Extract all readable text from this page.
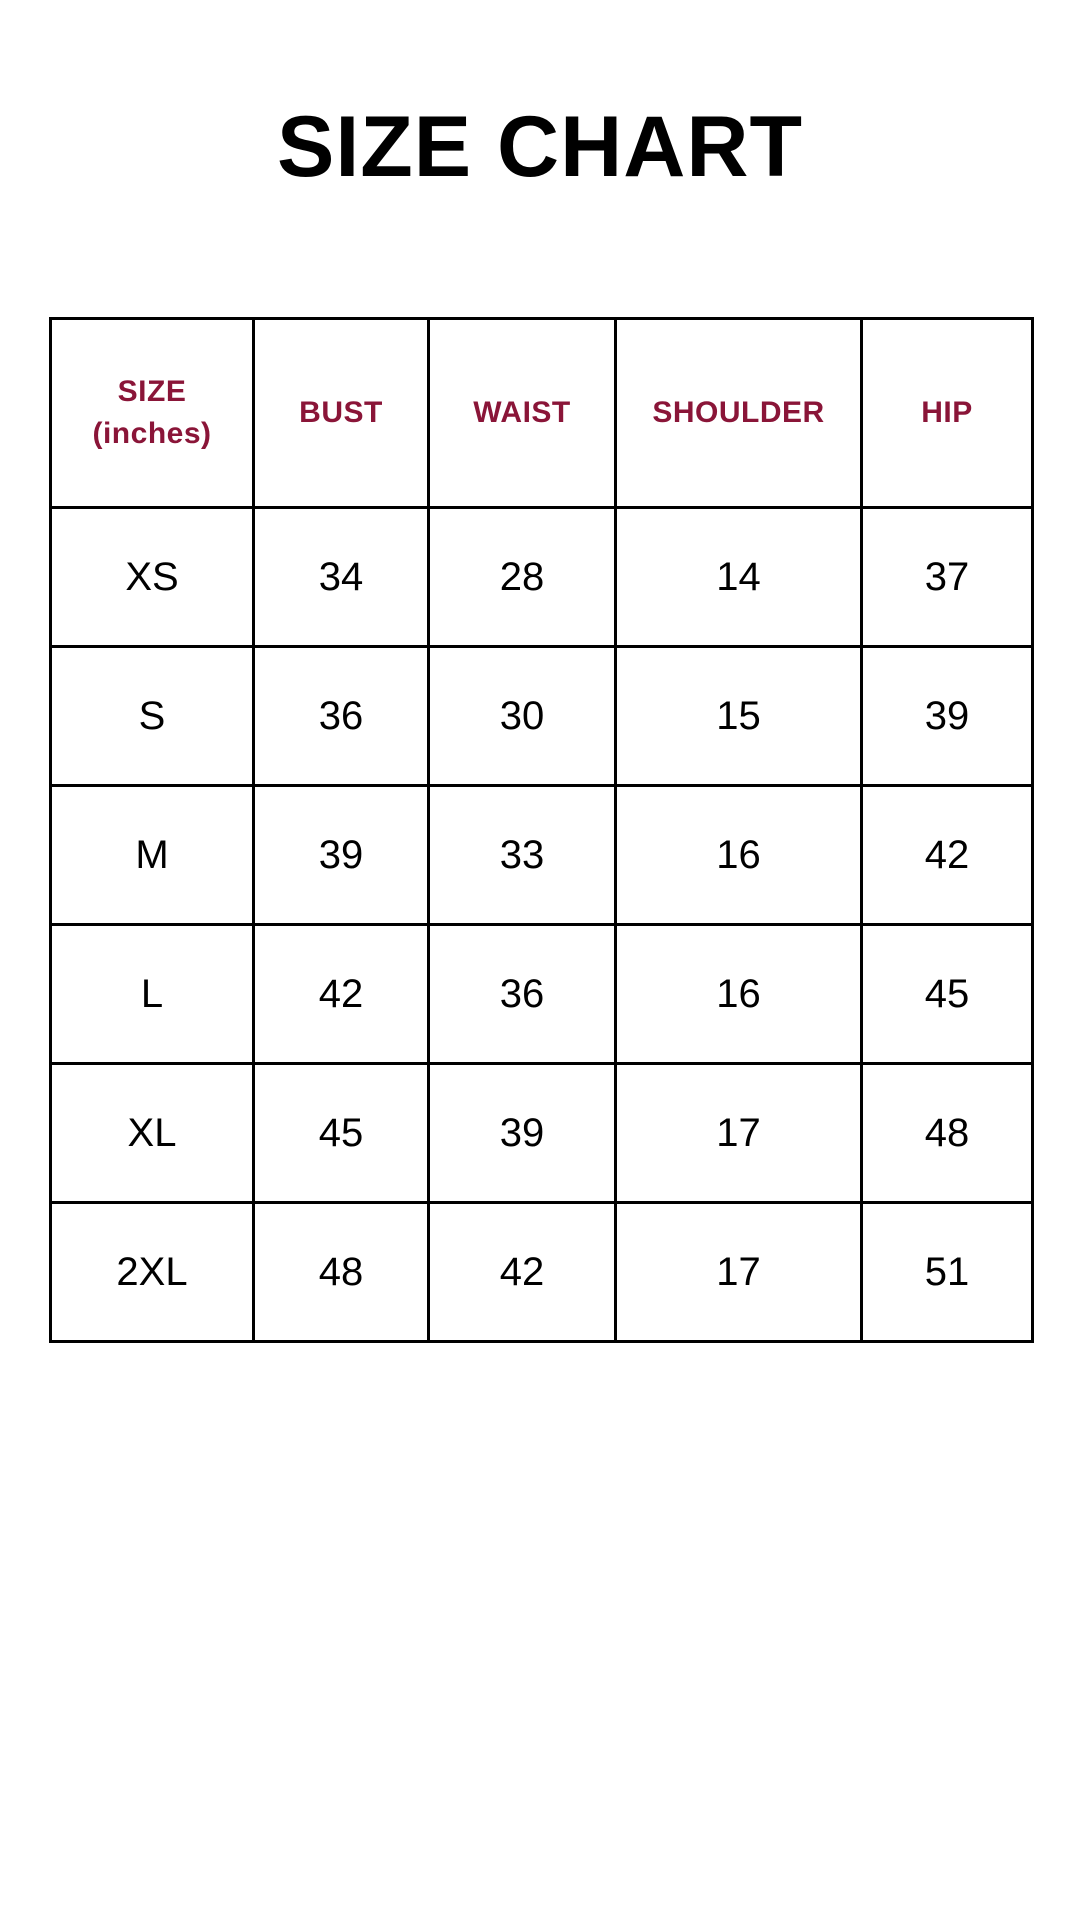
SIZE CHART
SIZE
(inches)	BUST	WAIST	SHOULDER	HIP

XS	34	28	14	37
S	36	30	15	39
M	39	33	16	42
L	42	36	16	45
XL	45	39	17	48
2XL	48	42	17	51
